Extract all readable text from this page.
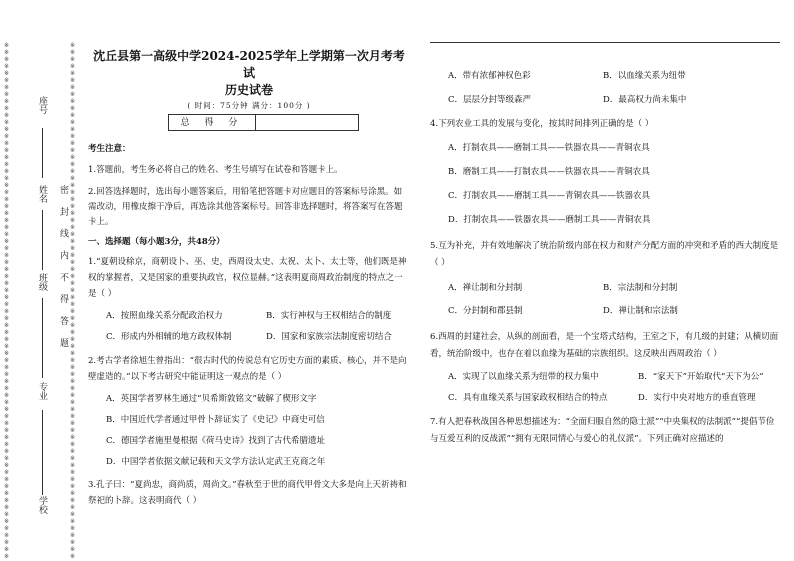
※※※※※※※※※※※※※※※※※※※※※※※※※※※※※※※※※※※※※※※※※※※※※※※※※※※※※※※※※※※※※※※※※※※※※※※※※※
※※※※※※※※※※※※※※※※※※※※※※※※※※※※※※※※※※※※※※※※※※※※※※※※※※※※※※※※※※※※※※※※※※※※※※※※※※
座号
姓名
班级
专业
学校
密 封 线 内 不 得 答 题
沈丘县第一高级中学2024-2025学年上学期第一次月考考试
历史试卷
( 时间：75分钟 满分：100分 )
总 得 分	

考生注意：

1.答题前，考生务必将自己的姓名、考生号填写在试卷和答题卡上。

2.回答选择题时，选出每小题答案后，用铅笔把答题卡对应题目的答案标号涂黑。如需改动，用橡皮擦干净后，再选涂其他答案标号。回答非选择题时，将答案写在答题卡上。

一、选择题（每小题3分，共48分）

1.“夏朝设稌京，商朝设卜、巫、史，西周设太史、太祝、太卜、太士等，他们既是神权的掌握者，又是国家的重要执政官，权位显赫。”这表明夏商周政治制度的特点之一是（ ）

A．按照血缘关系分配政治权力	B．实行神权与王权相结合的制度
C．形成内外相辅的地方政权体制	D．国家和家族宗法制度密切结合

2.考古学者徐旭生曾指出：“很古时代的传说总有它历史方面的素质、核心，并不是向壁虚造的。”以下考古研究中能证明这一观点的是（ ）

A．英国学者罗林生通过“贝希斯敦铭文”破解了楔形文字

B．中国近代学者通过甲骨卜辞证实了《史记》中商史可信

C．德国学者施里曼根据《荷马史诗》找到了古代希腊遗址

D．中国学者依据文献记载和天文学方法认定武王克商之年

3.孔子曰：“夏尚忠，商尚质，周尚文。”春秋至于世的商代甲骨文大多是向上天祈祷和祭祀的卜辞。这表明商代（ ）

A．带有浓郁神权色彩	B．以血缘关系为纽带
C．层层分封等级森严	D．最高权力尚未集中

4.下列农业工具的发展与变化，按其时间排列正确的是（ ）

A．打制农具——磨制工具——铁器农具——青铜农具

B．磨制工具——打制农具——铁器农具——青铜农具

C．打制农具——磨制工具——青铜农具——铁器农具

D．打制农具——铁器农具——磨制工具——青铜农具

5.互为补充，并有效地解决了统治阶级内部在权力和财产分配方面的冲突和矛盾的西大制度是（ ）

A．禅让制和分封制	B．宗法制和分封制
C．分封制和郡县制	D．禅让制和宗法制

6.西周的封建社会，从纵的剖面看，是一个宝塔式结构，王室之下，有几级的封建；从横切面看，统治阶级中，也存在着以血缘为基础的宗族组织。这反映出西周政治（ ）

A．实现了以血缘关系为纽带的权力集中	B．“家天下”开始取代“天下为公”
C．具有血缘关系与国家政权相结合的特点	D．实行中央对地方的垂直管理

7.有人把春秋战国各种思想描述为：“全面归服自然的隐士派”“中央集权的法制派”“提倡节俭与互爱互利的反战派”“拥有无限同情心与爱心的礼仪派”。下列正确对应描述的
